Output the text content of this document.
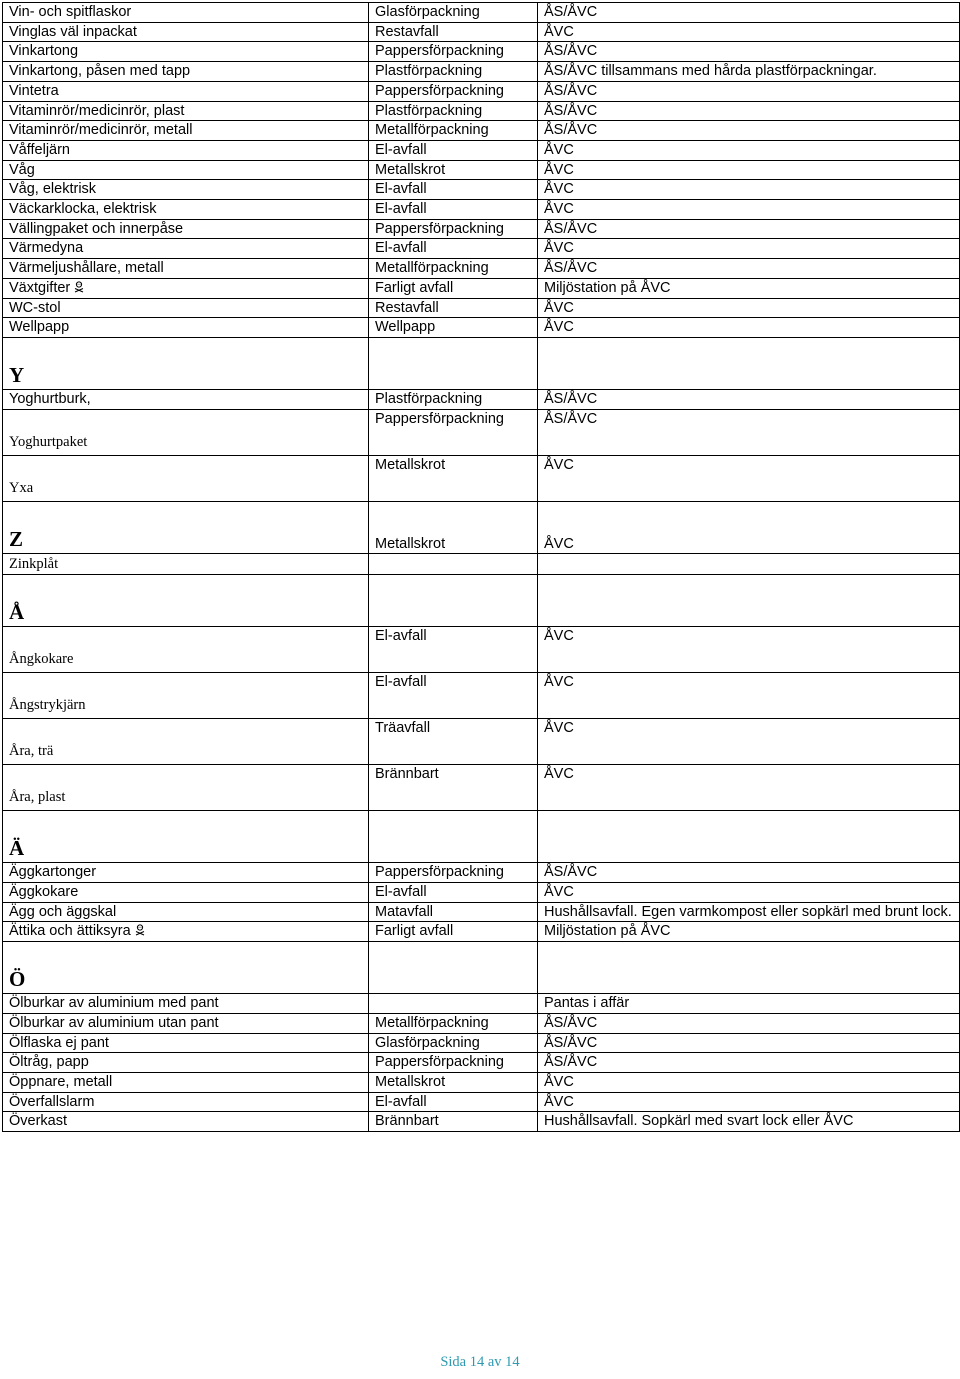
Vin- och spitflaskor	Glasförpackning	ÅS/ÅVC
Vinglas väl inpackat	Restavfall	ÅVC
Vinkartong	Pappersförpackning	ÅS/ÅVC
Vinkartong, påsen med tapp	Plastförpackning	ÅS/ÅVC tillsammans med hårda plastförpackningar.
Vintetra	Pappersförpackning	ÅS/ÅVC
Vitaminrör/medicinrör, plast	Plastförpackning	ÅS/ÅVC
Vitaminrör/medicinrör, metall	Metallförpackning	ÅS/ÅVC
Våffeljärn	El-avfall	ÅVC
Våg	Metallskrot	ÅVC
Våg, elektrisk	El-avfall	ÅVC
Väckarklocka, elektrisk	El-avfall	ÅVC
Vällingpaket och innerpåse	Pappersförpackning	ÅS/ÅVC
Värmedyna	El-avfall	ÅVC
Värmeljushållare, metall	Metallförpackning	ÅS/ÅVC
Växtgifter	Farligt avfall	Miljöstation på ÅVC
WC-stol	Restavfall	ÅVC
Wellpapp	Wellpapp	ÅVC

Y		

Yoghurtburk,	Plastförpackning	ÅS/ÅVC

Yoghurtpaket	Pappersförpackning	ÅS/ÅVC

Yxa	Metallskrot	ÅVC

Z	Metallskrot	ÅVC

Zinkplåt		

Å		

Ångkokare	El-avfall	ÅVC

Ångstrykjärn	El-avfall	ÅVC

Åra, trä	Träavfall	ÅVC

Åra, plast	Brännbart	ÅVC

Ä		

Äggkartonger	Pappersförpackning	ÅS/ÅVC
Äggkokare	El-avfall	ÅVC
Ägg och äggskal	Matavfall	Hushållsavfall. Egen varmkompost eller sopkärl med brunt lock.
Ättika och ättiksyra	Farligt avfall	Miljöstation på ÅVC

Ö		

Ölburkar av aluminium med pant		Pantas i affär
Ölburkar av aluminium utan pant	Metallförpackning	ÅS/ÅVC
Ölflaska ej pant	Glasförpackning	ÅS/ÅVC
Öltråg, papp	Pappersförpackning	ÅS/ÅVC
Öppnare, metall	Metallskrot	ÅVC
Överfallslarm	El-avfall	ÅVC
Överkast	Brännbart	Hushållsavfall. Sopkärl med svart lock eller ÅVC
Sida 14 av 14
